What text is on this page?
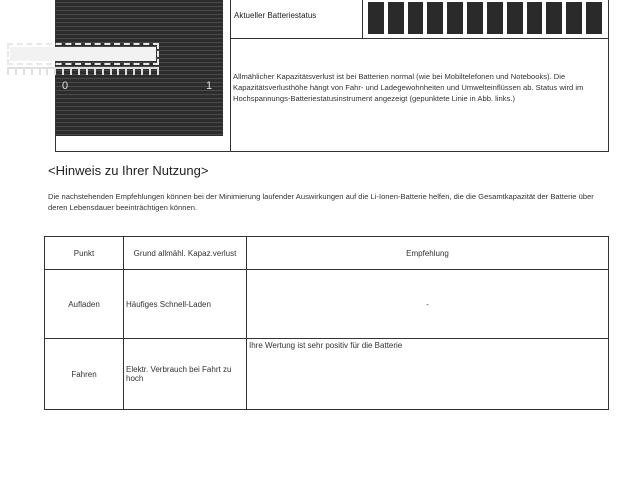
0	1
Aktueller Batteriestatus
Allmählicher Kapazitätsverlust ist bei Batterien normal (wie bei Mobiltelefonen und Notebooks). Die Kapazitätsverlusthöhe hängt von Fahr- und Ladegewohnheiten und Umwelteinflüssen ab. Status wird im Hochspannungs-Batteriestatusinstrument angezeigt (gepunktete Linie in Abb. links.)
<Hinweis zu Ihrer Nutzung>
Die nachstehenden Empfehlungen können bei der Minimierung laufender Auswirkungen auf die Li-Ionen-Batterie helfen, die die Gesamtkapazität der Batterie über deren Lebensdauer beeinträchtigen können.
Punkt	Grund allmähl. Kapaz.verlust	Empfehlung
Aufladen	Häufiges Schnell-Laden	-
Fahren	Elektr. Verbrauch bei Fahrt zu hoch	Ihre Wertung ist sehr positiv für die Batterie
